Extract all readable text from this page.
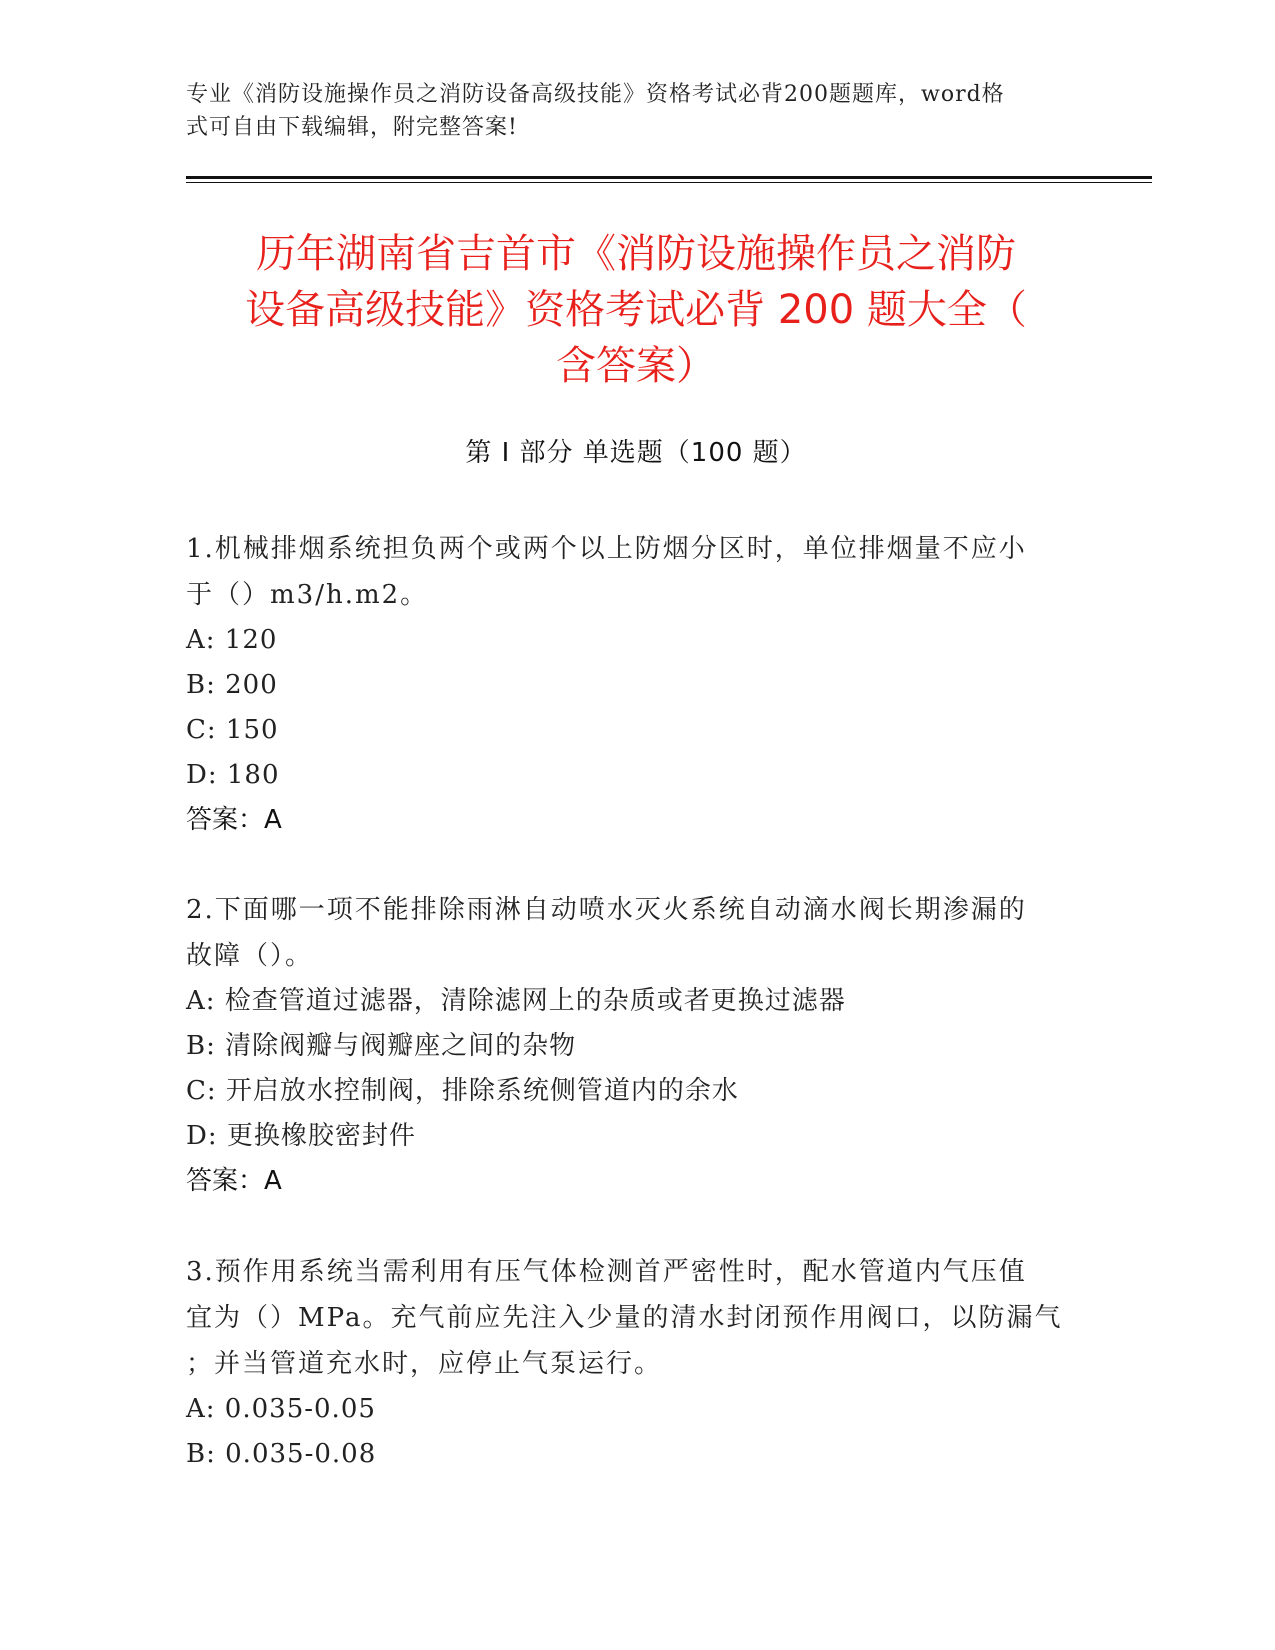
专业《消防设施操作员之消防设备高级技能》资格考试必背200题题库，word格
式可自由下载编辑，附完整答案!
历年湖南省吉首市《消防设施操作员之消防
设备高级技能》资格考试必背 200 题大全（
含答案）
第 I 部分 单选题（100 题）
1.机械排烟系统担负两个或两个以上防烟分区时，单位排烟量不应小
于（）m3/h.m2。
A: 120
B: 200
C: 150
D: 180
答案：A
2.下面哪一项不能排除雨淋自动喷水灭火系统自动滴水阀长期渗漏的
故障（）。
A: 检查管道过滤器，清除滤网上的杂质或者更换过滤器
B: 清除阀瓣与阀瓣座之间的杂物
C: 开启放水控制阀，排除系统侧管道内的余水
D: 更换橡胶密封件
答案：A
3.预作用系统当需利用有压气体检测首严密性时，配水管道内气压值
宜为（）MPa。充气前应先注入少量的清水封闭预作用阀口，以防漏气
；并当管道充水时，应停止气泵运行。
A: 0.035-0.05
B: 0.035-0.08
